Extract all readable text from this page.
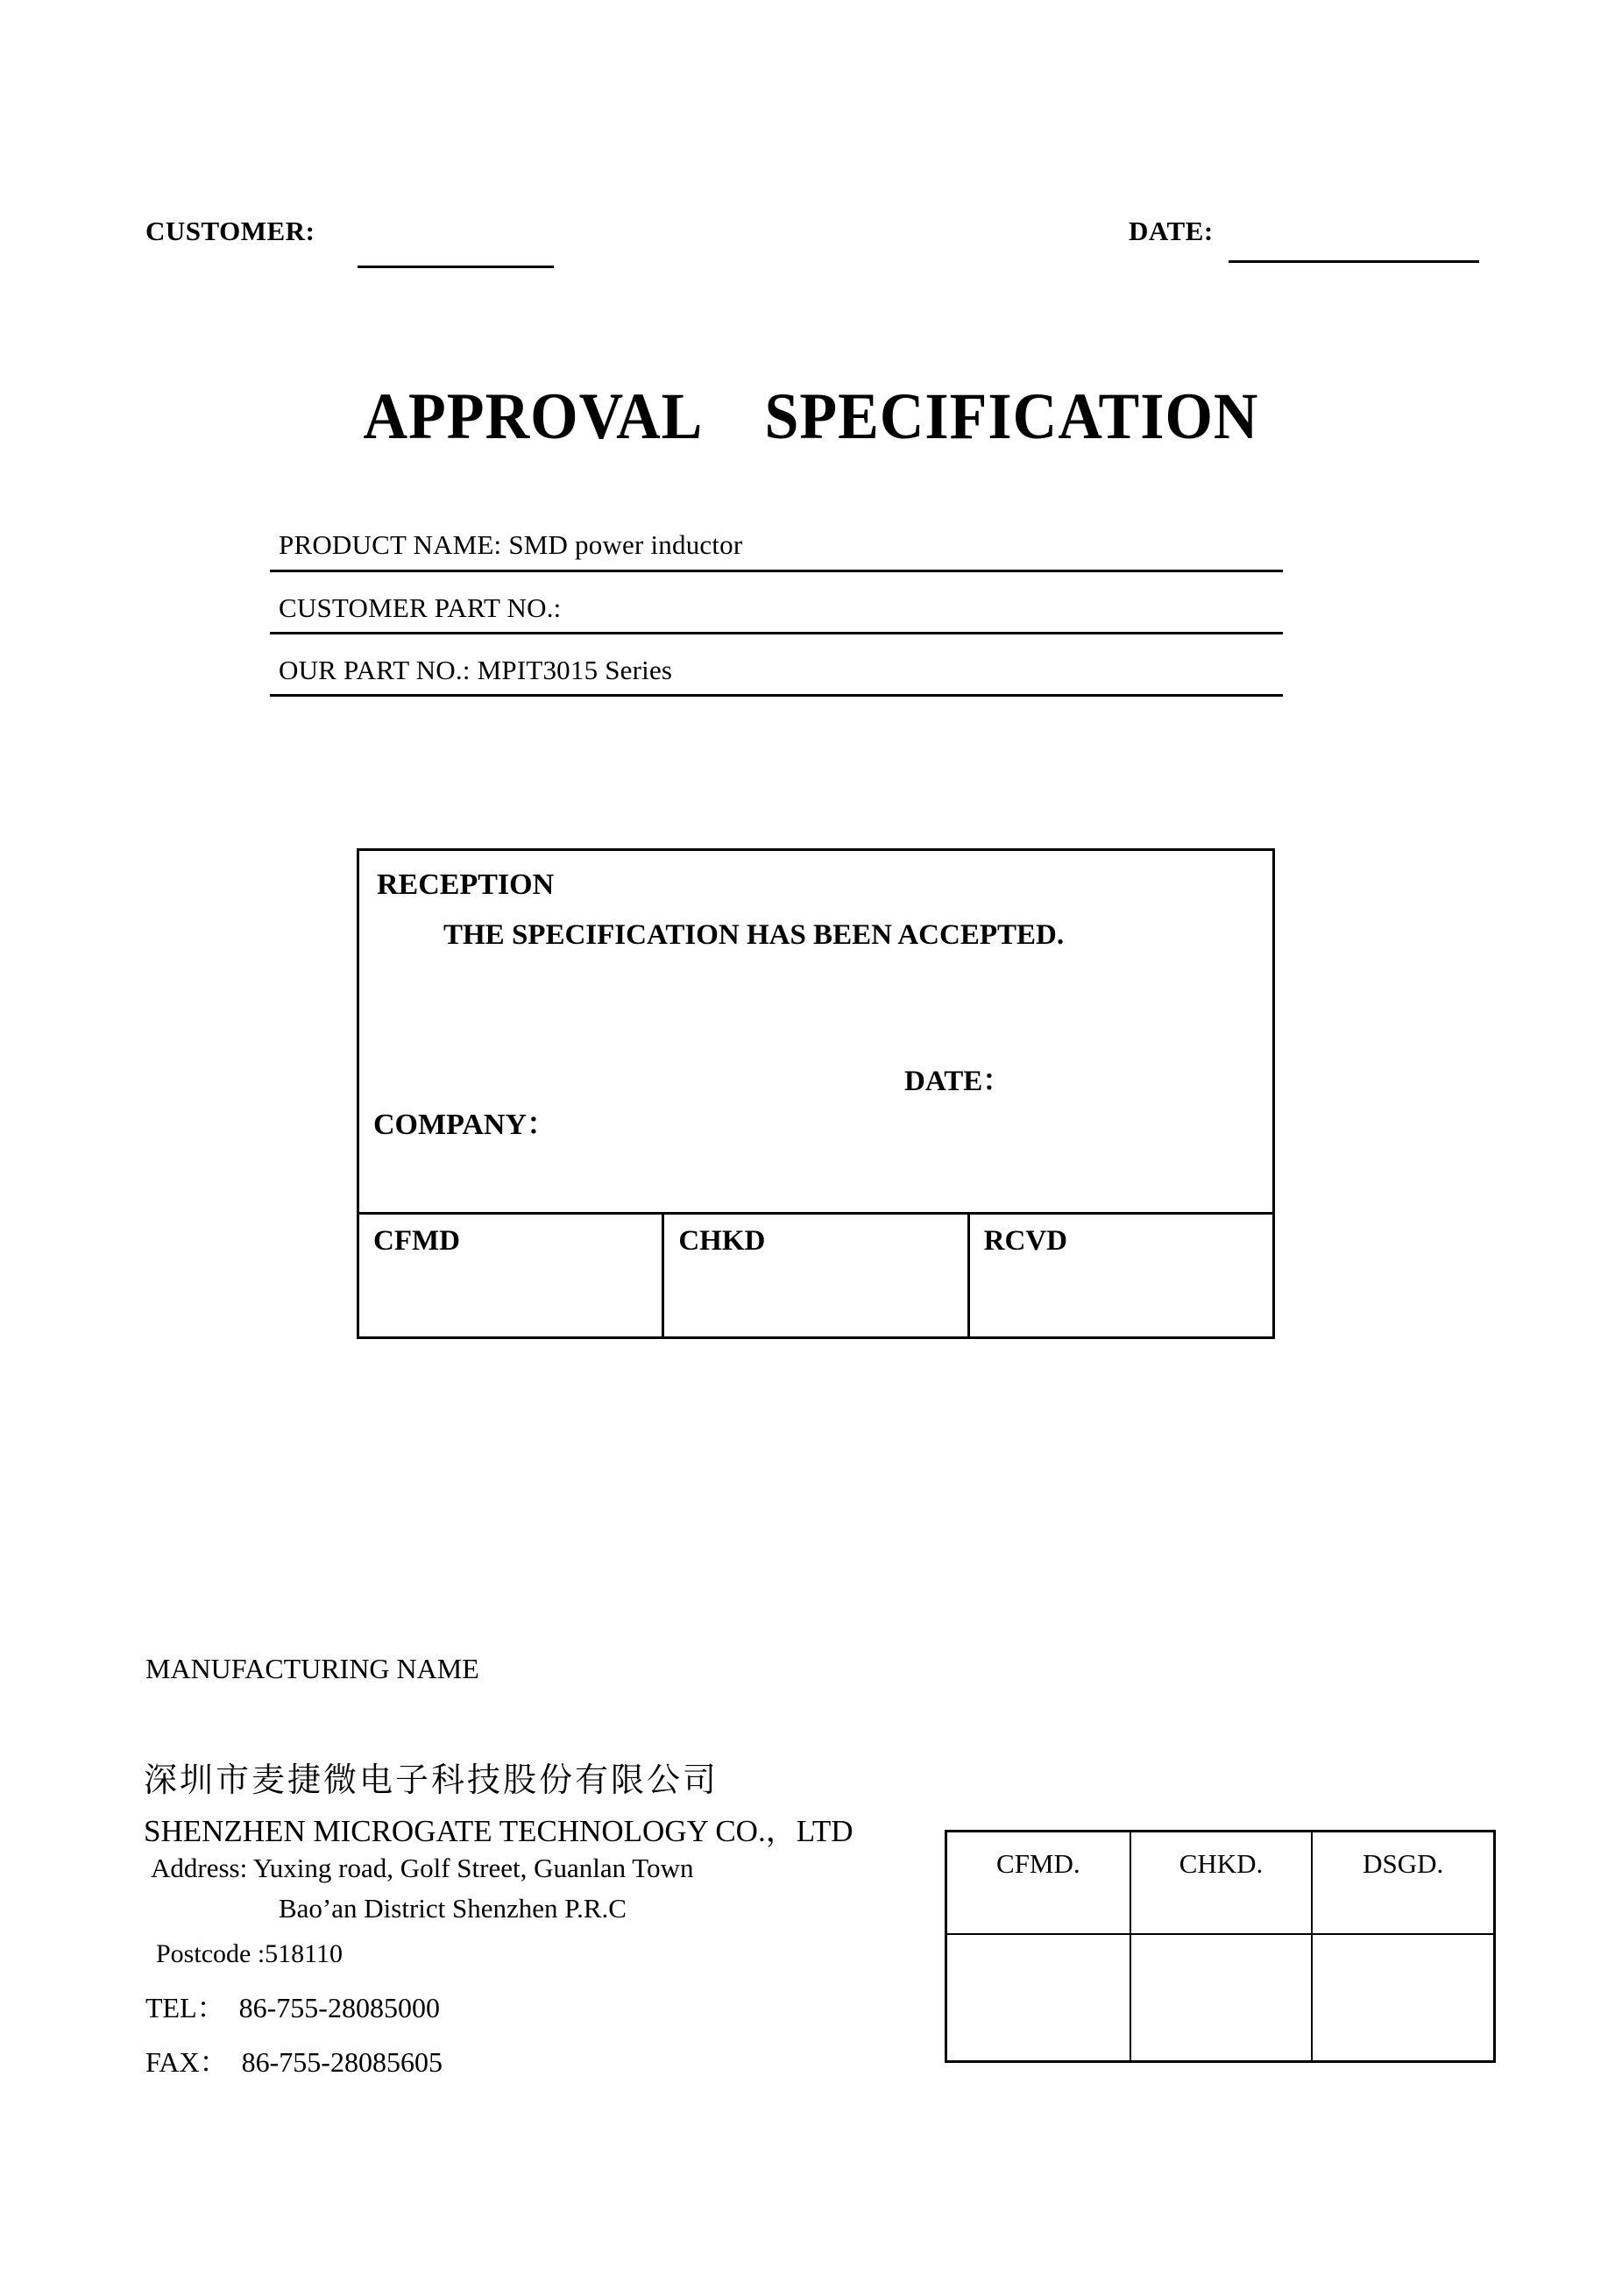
CUSTOMER:	DATE:
APPROVAL    SPECIFICATION
PRODUCT NAME: SMD power inductor
CUSTOMER PART NO.:
OUR PART NO.: MPIT3015 Series
RECEPTION
THE SPECIFICATION HAS BEEN ACCEPTED.
DATE：
COMPANY：
CFMD	CHKD	RCVD
MANUFACTURING NAME
深圳市麦捷微电子科技股份有限公司
SHENZHEN MICROGATE TECHNOLOGY CO.，LTD
Address: Yuxing road, Golf Street, Guanlan Town
Bao’an District Shenzhen P.R.C
Postcode :518110
TEL：  86-755-28085000
FAX：  86-755-28085605
CFMD.	CHKD.	DSGD.
